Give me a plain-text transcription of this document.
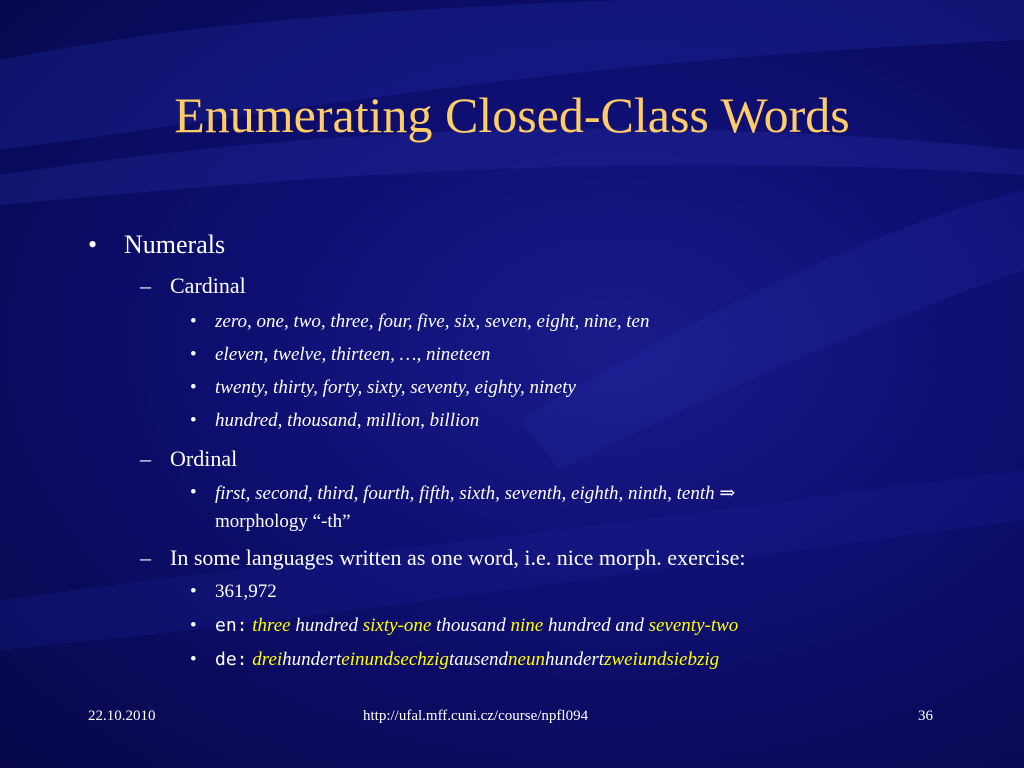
Enumerating Closed-Class Words
• Numerals
– Cardinal
• zero, one, two, three, four, five, six, seven, eight, nine, ten
• eleven, twelve, thirteen, …, nineteen
• twenty, thirty, forty, sixty, seventy, eighty, ninety
• hundred, thousand, million, billion
– Ordinal
• first, second, third, fourth, fifth, sixth, seventh, eighth, ninth, tenth ⇒
morphology “-th”
– In some languages written as one word, i.e. nice morph. exercise:
• 361,972
• en: three hundred sixty-one thousand nine hundred and seventy-two
• de: dreihunderteinundsechzigtausendneunhundertzweiundsiebzig
22.10.2010	http://ufal.mff.cuni.cz/course/npfl094	36
